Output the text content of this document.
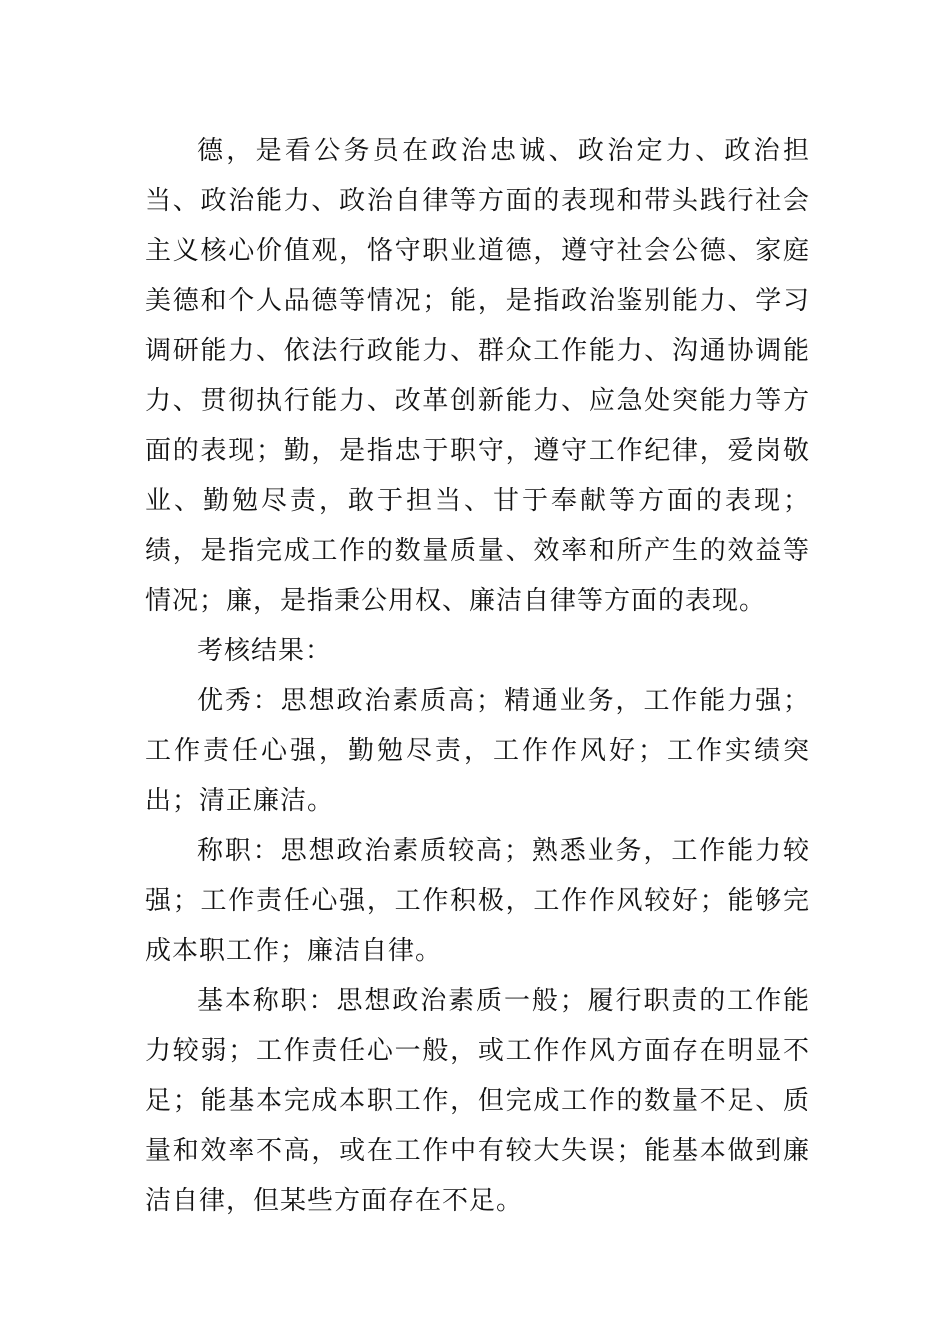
德，是看公务员在政治忠诚、政治定力、政治担当、政治能力、政治自律等方面的表现和带头践行社会主义核心价值观，恪守职业道德，遵守社会公德、家庭美德和个人品德等情况；能，是指政治鉴别能力、学习调研能力、依法行政能力、群众工作能力、沟通协调能力、贯彻执行能力、改革创新能力、应急处突能力等方面的表现；勤，是指忠于职守，遵守工作纪律，爱岗敬业、勤勉尽责，敢于担当、甘于奉献等方面的表现；绩，是指完成工作的数量质量、效率和所产生的效益等情况；廉，是指秉公用权、廉洁自律等方面的表现。

考核结果：

优秀：思想政治素质高；精通业务，工作能力强；工作责任心强，勤勉尽责，工作作风好；工作实绩突出；清正廉洁。

称职：思想政治素质较高；熟悉业务，工作能力较强；工作责任心强，工作积极，工作作风较好；能够完成本职工作；廉洁自律。

基本称职：思想政治素质一般；履行职责的工作能力较弱；工作责任心一般，或工作作风方面存在明显不足；能基本完成本职工作，但完成工作的数量不足、质量和效率不高，或在工作中有较大失误；能基本做到廉洁自律，但某些方面存在不足。
